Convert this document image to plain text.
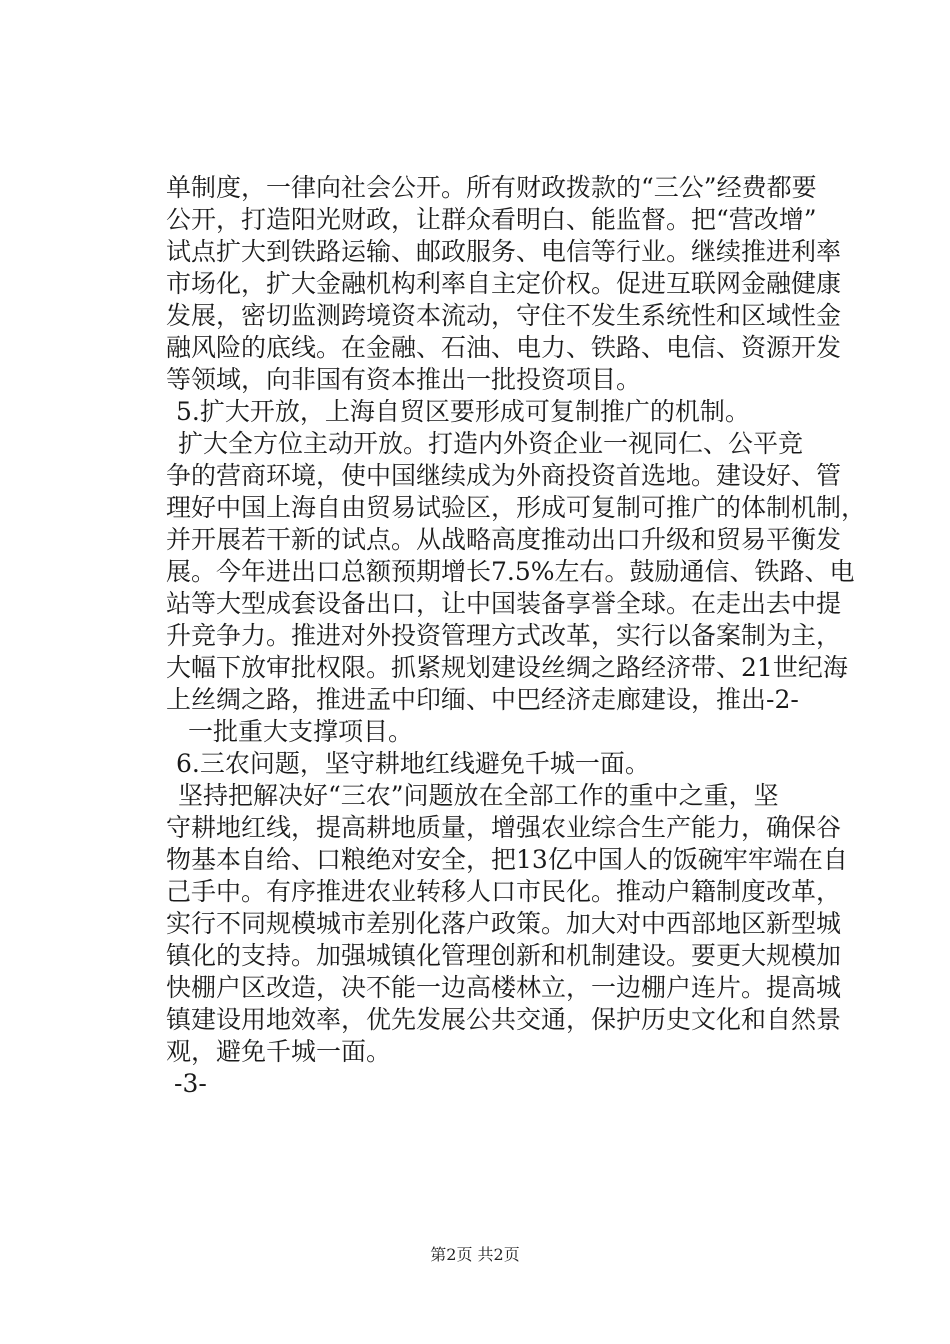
单制度，一律向社会公开。所有财政拨款的“三公”经费都要
公开，打造阳光财政，让群众看明白、能监督。把“营改增”
试点扩大到铁路运输、邮政服务、电信等行业。继续推进利率
市场化，扩大金融机构利率自主定价权。促进互联网金融健康
发展，密切监测跨境资本流动，守住不发生系统性和区域性金
融风险的底线。在金融、石油、电力、铁路、电信、资源开发
等领域，向非国有资本推出一批投资项目。
5.扩大开放，上海自贸区要形成可复制推广的机制。
扩大全方位主动开放。打造内外资企业一视同仁、公平竞
争的营商环境，使中国继续成为外商投资首选地。建设好、管
理好中国上海自由贸易试验区，形成可复制可推广的体制机制，
并开展若干新的试点。从战略高度推动出口升级和贸易平衡发
展。今年进出口总额预期增长7.5%左右。鼓励通信、铁路、电
站等大型成套设备出口，让中国装备享誉全球。在走出去中提
升竞争力。推进对外投资管理方式改革，实行以备案制为主，
大幅下放审批权限。抓紧规划建设丝绸之路经济带、21世纪海
上丝绸之路，推进孟中印缅、中巴经济走廊建设，推出-2-
一批重大支撑项目。
6.三农问题，坚守耕地红线避免千城一面。
坚持把解决好“三农”问题放在全部工作的重中之重，坚
守耕地红线，提高耕地质量，增强农业综合生产能力，确保谷
物基本自给、口粮绝对安全，把13亿中国人的饭碗牢牢端在自
己手中。有序推进农业转移人口市民化。推动户籍制度改革，
实行不同规模城市差别化落户政策。加大对中西部地区新型城
镇化的支持。加强城镇化管理创新和机制建设。要更大规模加
快棚户区改造，决不能一边高楼林立，一边棚户连片。提高城
镇建设用地效率，优先发展公共交通，保护历史文化和自然景
观，避免千城一面。
-3-
第2页 共2页
